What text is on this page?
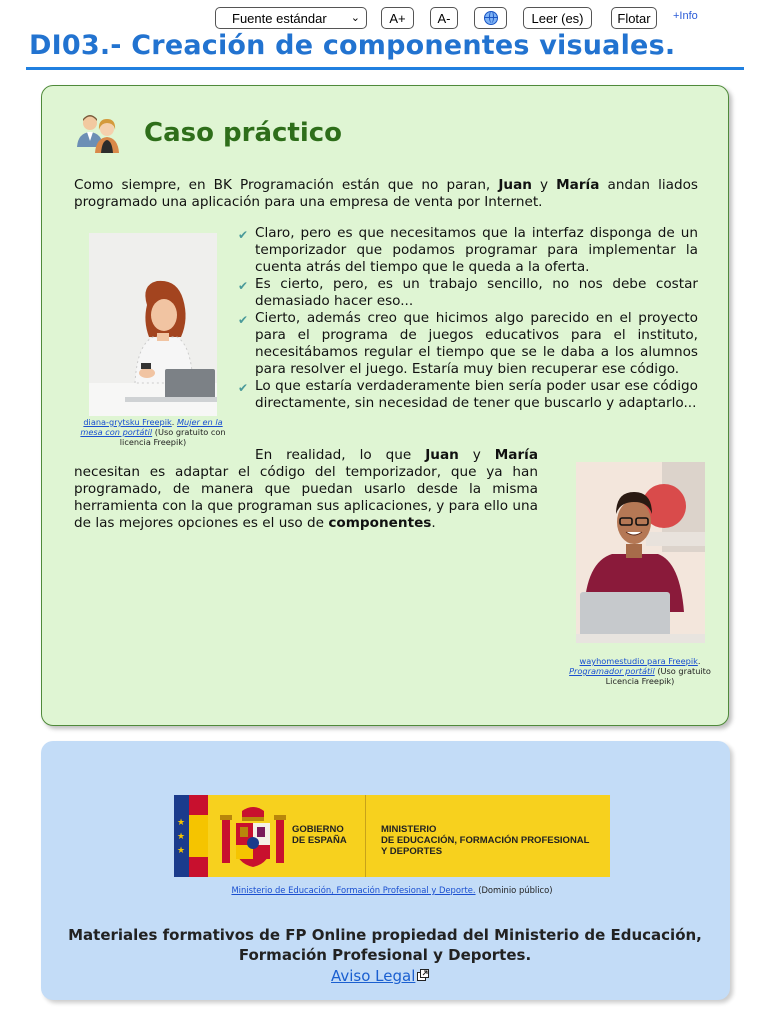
Fuente estándar ⌄	A+	A-	Leer (es)	Flotar	+Info
DI03.- Creación de componentes visuales.
Caso práctico

Como siempre, en BK Programación están que no paran, Juan y María andan liados programado una aplicación para una empresa de venta por Internet.

diana-grytsku Freepik. Mujer en la mesa con portátil (Uso gratuito con licencia Freepik)
✔ Claro, pero es que necesitamos que la interfaz disponga de un temporizador que podamos programar para implementar la cuenta atrás del tiempo que le queda a la oferta.
✔ Es cierto, pero, es un trabajo sencillo, no nos debe costar demasiado hacer eso...
✔ Cierto, además creo que hicimos algo parecido en el proyecto para el programa de juegos educativos para el instituto, necesitábamos regular el tiempo que se le daba a los alumnos para resolver el juego. Estaría muy bien recuperar ese código.
✔ Lo que estaría verdaderamente bien sería poder usar ese código directamente, sin necesidad de tener que buscarlo y adaptarlo...

En realidad, lo que Juan y María necesitan es adaptar el código del temporizador, que ya han programado, de manera que puedan usarlo desde la misma herramienta con la que programan sus aplicaciones, y para ello una de las mejores opciones es el uso de componentes.

wayhomestudio para Freepik.
Programador portátil (Uso gratuito Licencia Freepik)
★
★
★
GOBIERNO
DE ESPAÑA
MINISTERIO
DE EDUCACIÓN, FORMACIÓN PROFESIONAL
Y DEPORTES
Ministerio de Educación, Formación Profesional y Deporte. (Dominio público)

Materiales formativos de FP Online propiedad del Ministerio de Educación, Formación Profesional y Deportes.

Aviso Legal
